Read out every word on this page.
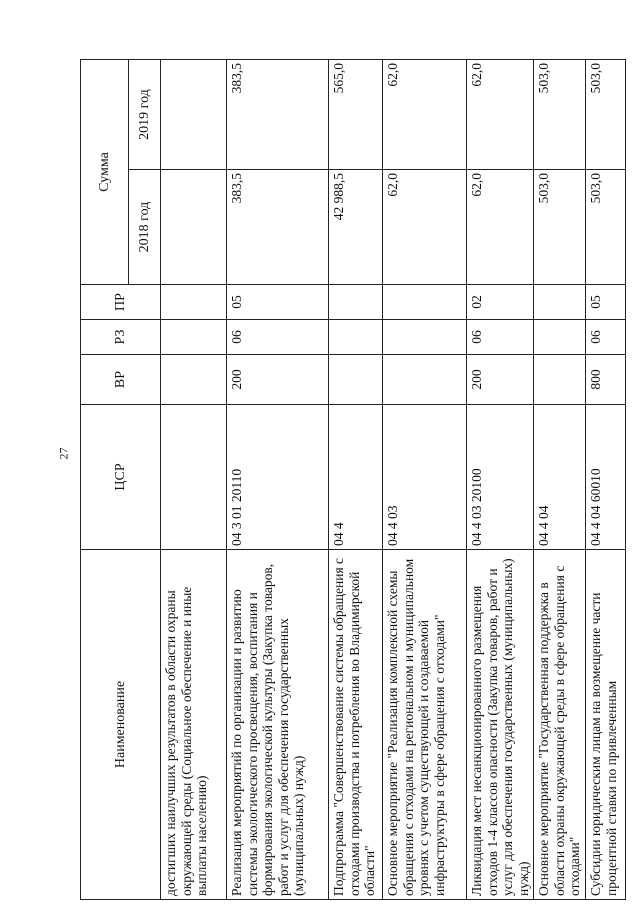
27
Наименование	ЦСР	ВР	РЗ	ПР	Сумма	
					2018 год	2019 год
достигших наилучших результатов в области охраны окружающей среды (Социальное обеспечение и иные выплаты населению)						
Реализация мероприятий по организации и развитию системы экологического просвещения, воспитания и формирования экологической культуры (Закупка товаров, работ и услуг для обеспечения государственных (муниципальных) нужд)	04 3 01 20110	200	06	05	383,5	383,5
Подпрограмма "Совершенствование системы обращения с отходами производства и потребления во Владимирской области"	04 4				42 988,5	565,0
Основное мероприятие "Реализация комплексной схемы обращения с отходами на региональном и муниципальном уровнях с учетом существующей и создаваемой инфраструктуры в сфере обращения с отходами"	04 4 03				62,0	62,0
Ликвидация мест несанкционированного размещения отходов 1-4 классов опасности (Закупка товаров, работ и услуг для обеспечения государственных (муниципальных) нужд)	04 4 03 20100	200	06	02	62,0	62,0
Основное мероприятие "Государственная поддержка в области охраны окружающей среды в сфере обращения с отходами"	04 4 04				503,0	503,0
Субсидии юридическим лицам на возмещение части процентной ставки по привлеченным	04 4 04 60010	800	06	05	503,0	503,0
